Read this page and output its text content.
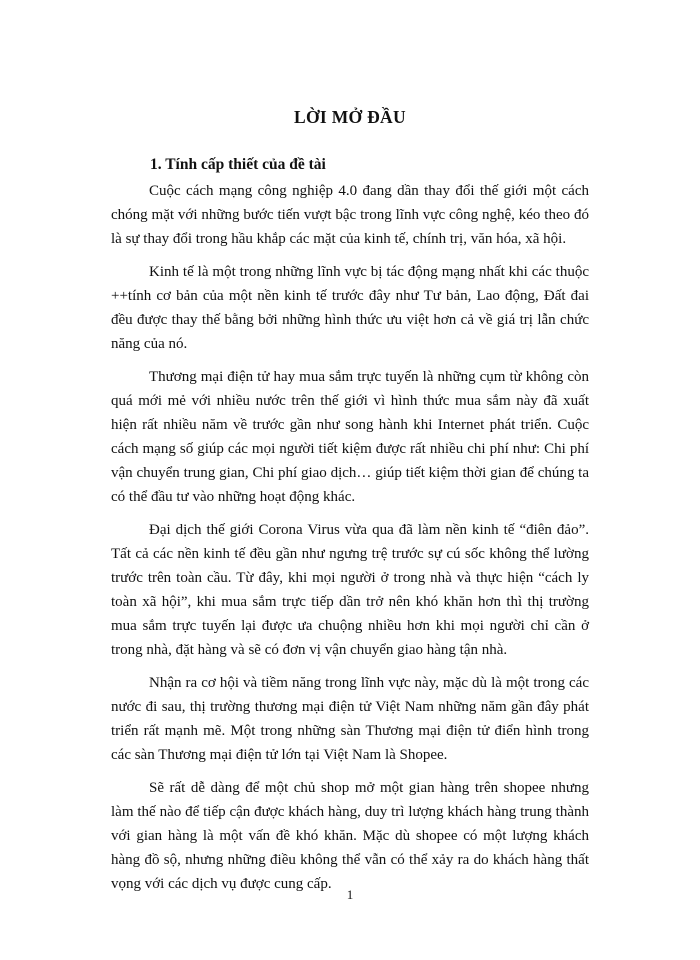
LỜI MỞ ĐẦU
1. Tính cấp thiết của đề tài

Cuộc cách mạng công nghiệp 4.0 đang dần thay đổi thế giới một cách chóng mặt với những bước tiến vượt bậc trong lĩnh vực công nghệ, kéo theo đó là sự thay đổi trong hầu khắp các mặt của kinh tế, chính trị, văn hóa, xã hội.

Kinh tế là một trong những lĩnh vực bị tác động mạng nhất khi các thuộc ++tính cơ bản của một nền kinh tế trước đây như Tư bản, Lao động, Đất đai đều được thay thế bằng bởi những hình thức ưu việt hơn cả về giá trị lẫn chức năng của nó.

Thương mại điện tử hay mua sắm trực tuyến là những cụm từ không còn quá mới mẻ với nhiều nước trên thế giới vì hình thức mua sắm này đã xuất hiện rất nhiều năm về trước gần như song hành khi Internet phát triển. Cuộc cách mạng số giúp các mọi người tiết kiệm được rất nhiều chi phí như: Chi phí vận chuyển trung gian, Chi phí giao dịch… giúp tiết kiệm thời gian để chúng ta có thể đầu tư vào những hoạt động khác.

Đại dịch thế giới Corona Virus vừa qua đã làm nền kinh tế “điên đảo”. Tất cả các nền kinh tế đều gần như ngưng trệ trước sự cú sốc không thể lường trước trên toàn cầu. Từ đây, khi mọi người ở trong nhà và thực hiện “cách ly toàn xã hội”, khi mua sắm trực tiếp dần trở nên khó khăn hơn thì thị trường mua sắm trực tuyến lại được ưa chuộng nhiều hơn khi mọi người chỉ cần ở trong nhà, đặt hàng và sẽ có đơn vị vận chuyển giao hàng tận nhà.

Nhận ra cơ hội và tiềm năng trong lĩnh vực này, mặc dù là một trong các nước đi sau, thị trường thương mại điện tử Việt Nam những năm gần đây phát triển rất mạnh mẽ. Một trong những sàn Thương mại điện tử điển hình trong các sàn Thương mại điện tử lớn tại Việt Nam là Shopee.

Sẽ rất dễ dàng để một chủ shop mở một gian hàng trên shopee nhưng làm thế nào để tiếp cận được khách hàng, duy trì lượng khách hàng trung thành với gian hàng là một vấn đề khó khăn. Mặc dù shopee có một lượng khách hàng đồ sộ, nhưng những điều không thể vẫn có thể xảy ra do khách hàng thất vọng với các dịch vụ được cung cấp.

1
